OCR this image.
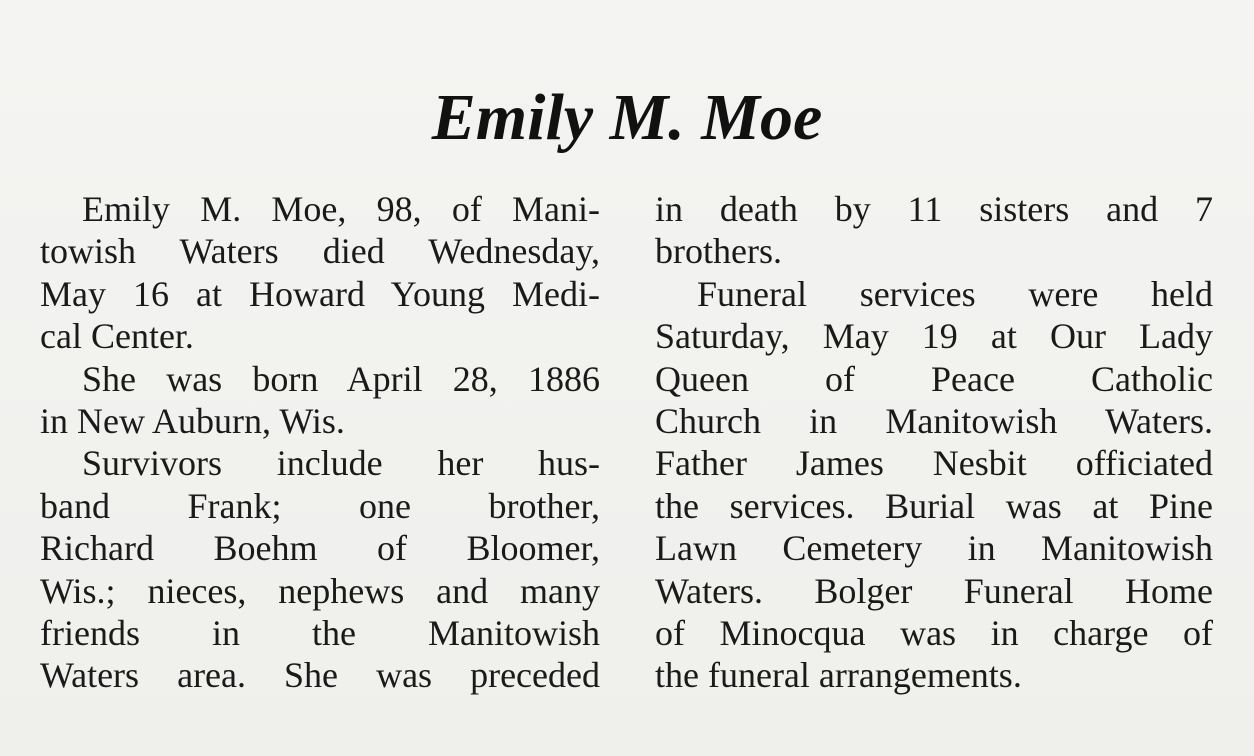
Emily M. Moe
Emily M. Moe, 98, of Mani-
towish Waters died Wednesday,
May 16 at Howard Young Medi-
cal Center.
She was born April 28, 1886
in New Auburn, Wis.
Survivors include her hus-
band Frank; one brother,
Richard Boehm of Bloomer,
Wis.; nieces, nephews and many
friends in the Manitowish
Waters area. She was preceded
in death by 11 sisters and 7
brothers.
Funeral services were held
Saturday, May 19 at Our Lady
Queen of Peace Catholic
Church in Manitowish Waters.
Father James Nesbit officiated
the services. Burial was at Pine
Lawn Cemetery in Manitowish
Waters. Bolger Funeral Home
of Minocqua was in charge of
the funeral arrangements.
